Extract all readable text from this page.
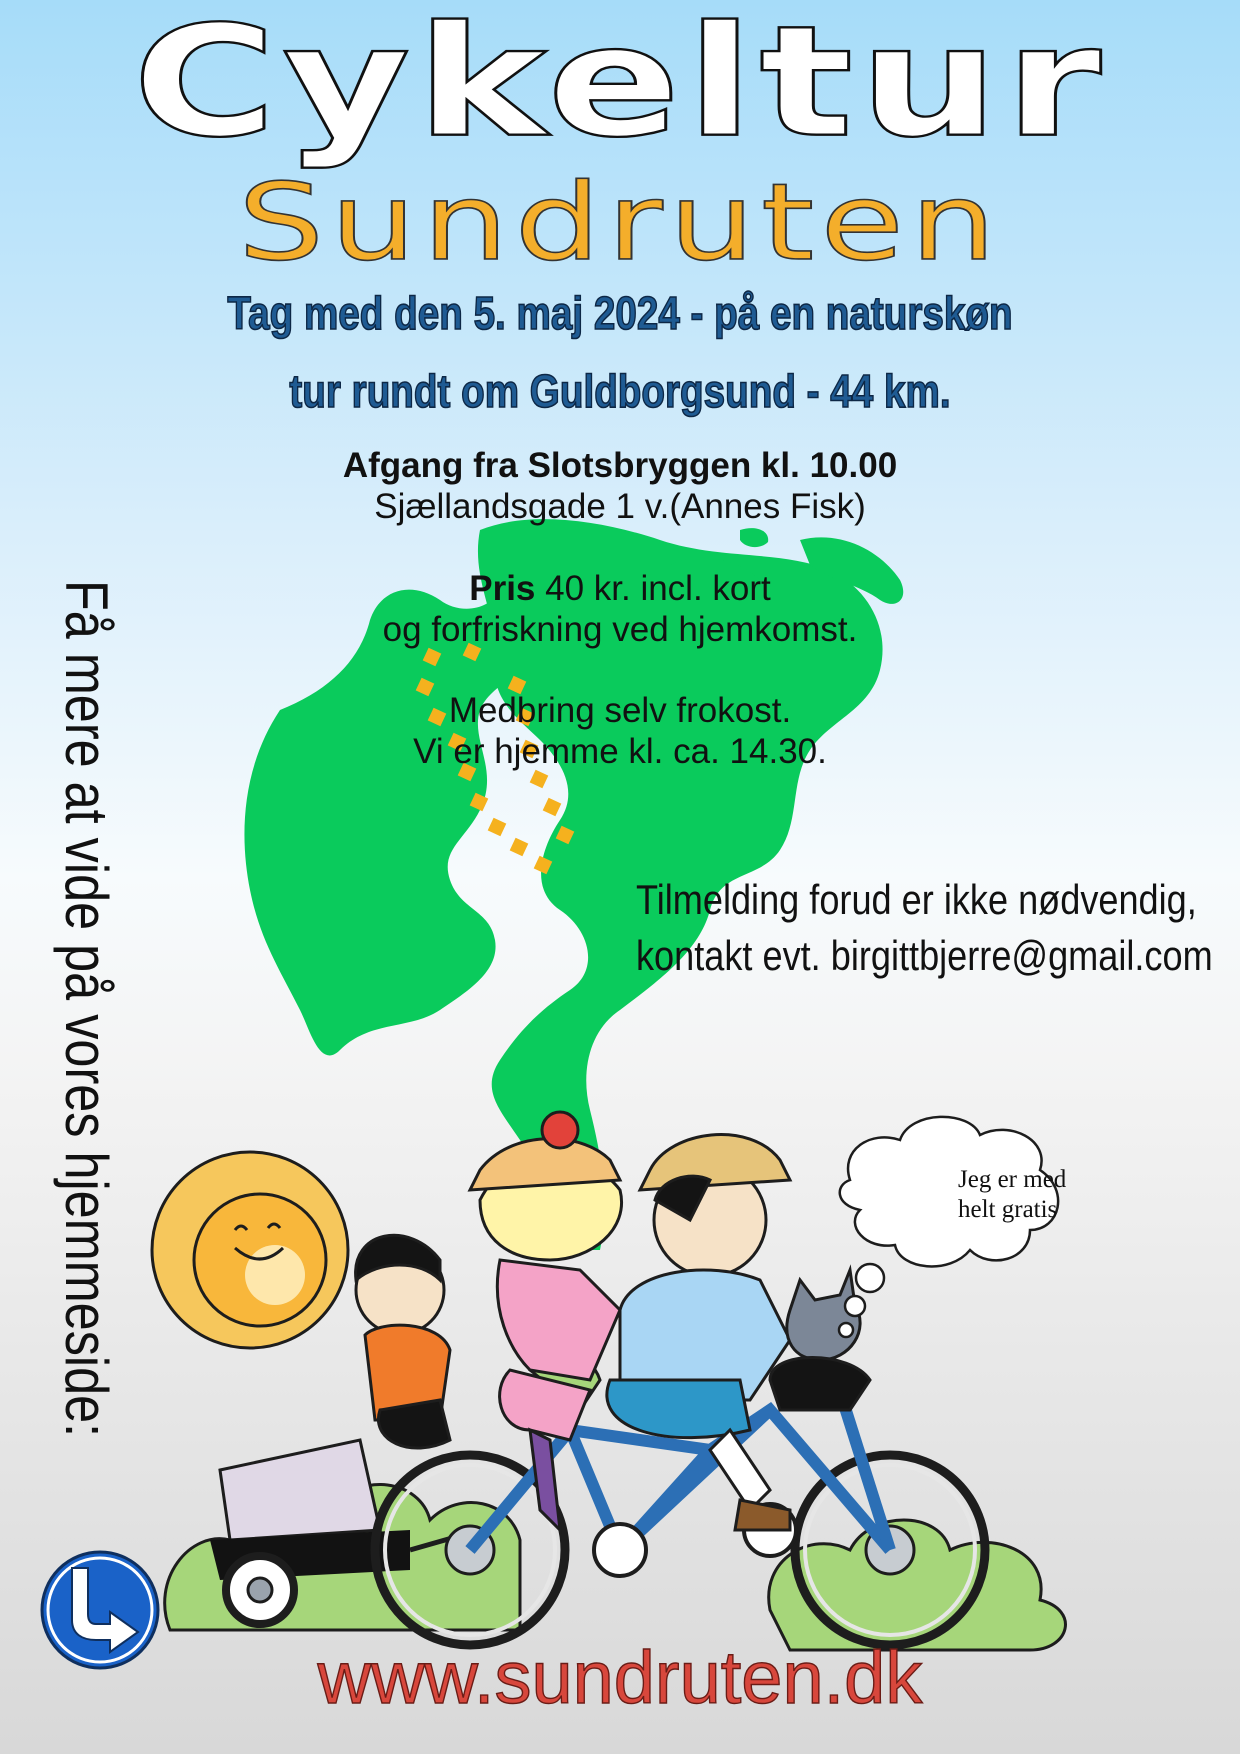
Cykeltur
Sundruten
Tag med den 5. maj 2024 - på en naturskøn
tur rundt om Guldborgsund - 44 km.
Afgang fra Slotsbryggen kl. 10.00
Sjællandsgade 1 v.(Annes Fisk)
Pris 40 kr. incl. kort
og forfriskning ved hjemkomst.
Medbring selv frokost.
Vi er hjemme kl. ca. 14.30.
Tilmelding forud er ikke nødvendig,
kontakt evt. birgittbjerre@gmail.com
Få mere at vide på vores hjemmeside:	Jeg er med
helt gratis
www.sundruten.dk
